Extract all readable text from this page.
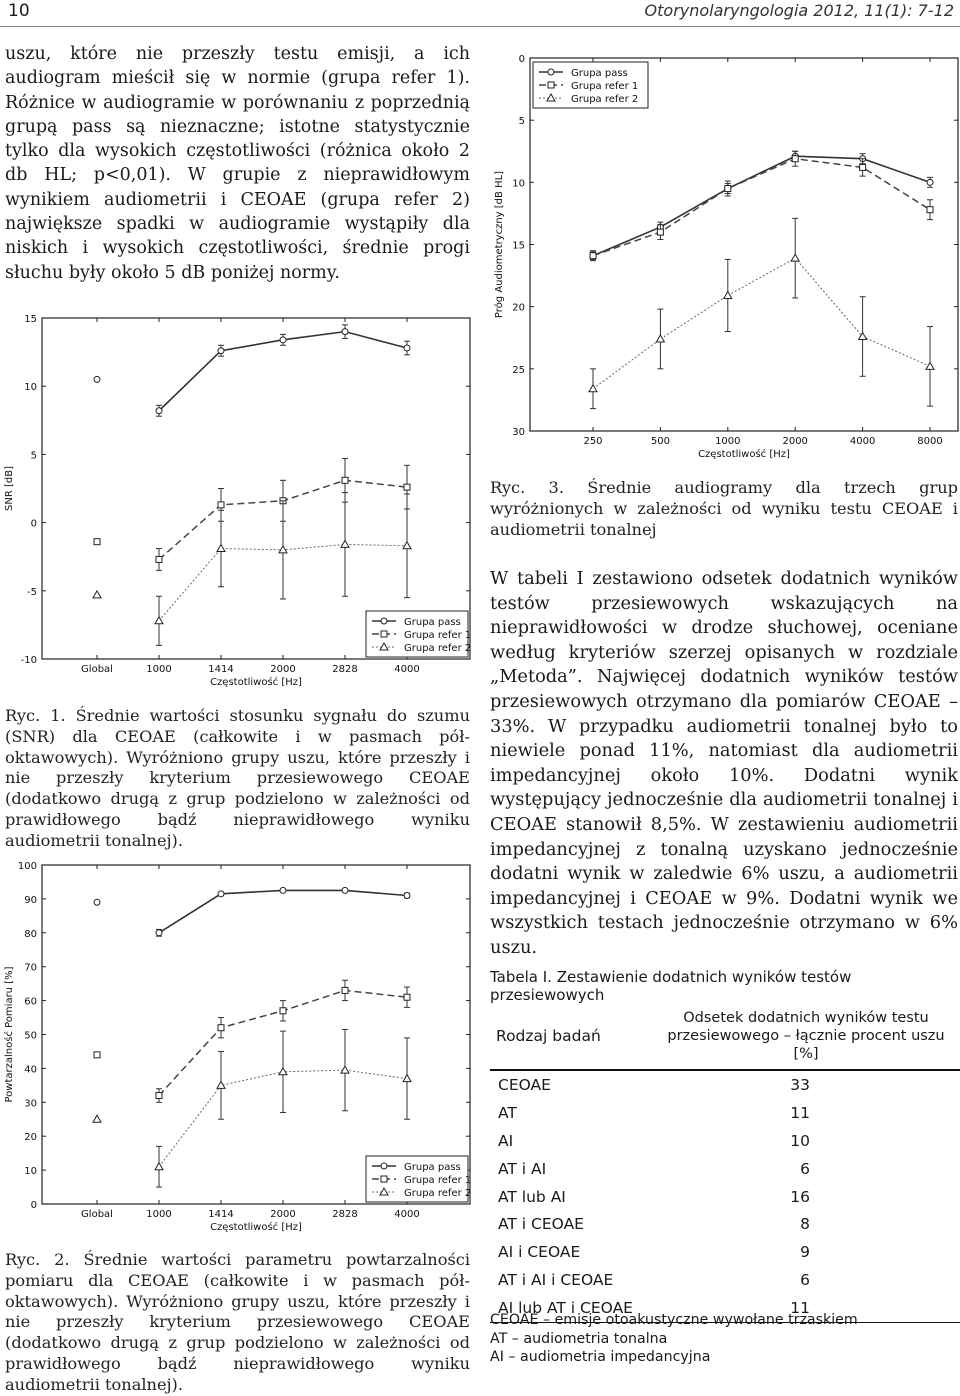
10	Otorynolaryngologia 2012, 11(1): 7-12

uszu, które nie przeszły testu emisji, a ich audiogram mieścił się w normie (grupa refer 1). Różnice w audiogramie w porównaniu z poprzednią grupą pass są nieznaczne; istotne statystycznie tylko dla wysokich częstotliwości (różnica około 2 db HL; p<0,01). W grupie z nieprawidłowym wynikiem audiometrii i CEOAE (grupa refer 2) największe spadki w audiogramie wystąpiły dla niskich i wysokich częstotliwości, średnie progi słuchu były około 5 dB poniżej normy.

0
5
10
15
20
25
30
250	500	1000	2000	4000	8000
Częstotliwość [Hz]
Próg Audiometryczny [dB HL]
Grupa pass
Grupa refer 1
Grupa refer 2

Ryc. 3. Średnie audiogramy dla trzech grup wyróżnionych w zależności od wyniku testu CEOAE i audiometrii tonalnej

15
10
5
0
-5
-10
Global	1000	1414	2000	2828	4000
Częstotliwość [Hz]
SNR [dB]
Grupa pass
Grupa refer 1
Grupa refer 2

Ryc. 1. Średnie wartości stosunku sygnału do szumu (SNR) dla CEOAE (całkowite i w pasmach pół-oktawowych). Wyróżniono grupy uszu, które przeszły i nie przeszły kryterium przesiewowego CEOAE (dodatkowo drugą z grup podzielono w zależności od prawidłowego bądź nieprawidłowego wyniku audiometrii tonalnej).

W tabeli I zestawiono odsetek dodatnich wyników testów przesiewowych wskazujących na nieprawidłowości w drodze słuchowej, oceniane według kryteriów szerzej opisanych w rozdziale „Metoda”. Najwięcej dodatnich wyników testów przesiewowych otrzymano dla pomiarów CEOAE – 33%. W przypadku audiometrii tonalnej było to niewiele ponad 11%, natomiast dla audiometrii impedancyjnej około 10%. Dodatni wynik występujący jednocześnie dla audiometrii tonalnej i CEOAE stanowił 8,5%. W zestawieniu audiometrii impedancyjnej z tonalną uzyskano jednocześnie dodatni wynik w zaledwie 6% uszu, a audiometrii impedancyjnej i CEOAE w 9%. Dodatni wynik we wszystkich testach jednocześnie otrzymano w 6% uszu.

100
90
80
70
60
50
40
30
20
10
0
Global	1000	1414	2000	2828	4000
Częstotliwość [Hz]
Powtarzalność Pomiaru [%]
Grupa pass
Grupa refer 1
Grupa refer 2

Ryc. 2. Średnie wartości parametru powtarzalności pomiaru dla CEOAE (całkowite i w pasmach pół-oktawowych). Wyróżniono grupy uszu, które przeszły i nie przeszły kryterium przesiewowego CEOAE (dodatkowo drugą z grup podzielono w zależności od prawidłowego bądź nieprawidłowego wyniku audiometrii tonalnej).

Tabela I. Zestawienie dodatnich wyników testów przesiewowych
Rodzaj badań	Odsetek dodatnich wyników testu przesiewowego – łącznie procent uszu [%]
CEOAE	33
AT	11
AI	10
AT i AI	6
AT lub AI	16
AT i CEOAE	8
AI i CEOAE	9
AT i AI i CEOAE	6
AI lub AT i CEOAE	11
CEOAE – emisje otoakustyczne wywołane trzaskiem
AT – audiometria tonalna
AI – audiometria impedancyjna
